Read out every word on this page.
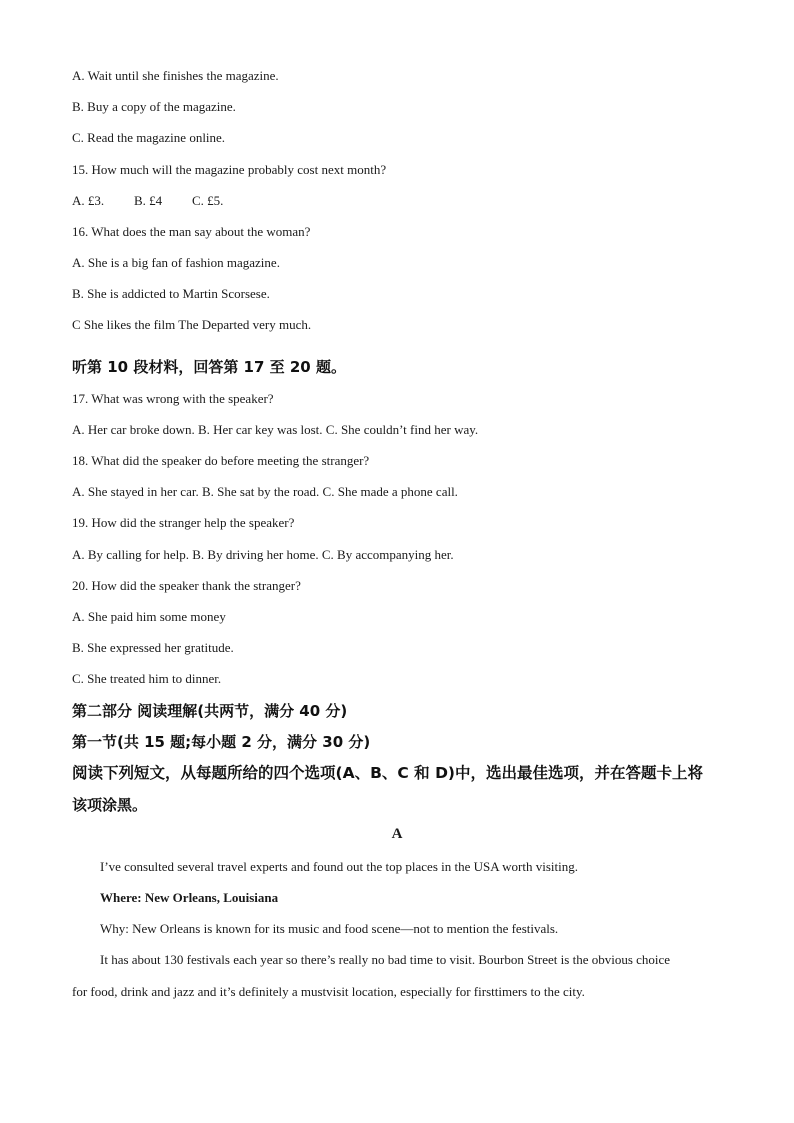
A. Wait until she finishes the magazine.

B. Buy a copy of the magazine.

C. Read the magazine online.

15. How much will the magazine probably cost next month?

A. £3. B. £4 C. £5.

16. What does the man say about the woman?

A. She is a big fan of fashion magazine.

B. She is addicted to Martin Scorsese.

C She likes the film The Departed very much.

听第 10 段材料，回答第 17 至 20 题。

17. What was wrong with the speaker?

A. Her car broke down. B. Her car key was lost. C. She couldn’t find her way.

18. What did the speaker do before meeting the stranger?

A. She stayed in her car. B. She sat by the road. C. She made a phone call.

19. How did the stranger help the speaker?

A. By calling for help. B. By driving her home. C. By accompanying her.

20. How did the speaker thank the stranger?

A. She paid him some money

B. She expressed her gratitude.

C. She treated him to dinner.

第二部分 阅读理解(共两节，满分 40 分)

第一节(共 15 题;每小题 2 分，满分 30 分)

阅读下列短文，从每题所给的四个选项(A、B、C 和 D)中，选出最佳选项，并在答题卡上将

该项涂黑。

A

I’ve consulted several travel experts and found out the top places in the USA worth visiting.

Where: New Orleans, Louisiana

Why: New Orleans is known for its music and food scene—not to mention the festivals.

It has about 130 festivals each year so there’s really no bad time to visit. Bourbon Street is the obvious choice

for food, drink and jazz and it’s definitely a mustvisit location, especially for firsttimers to the city.
